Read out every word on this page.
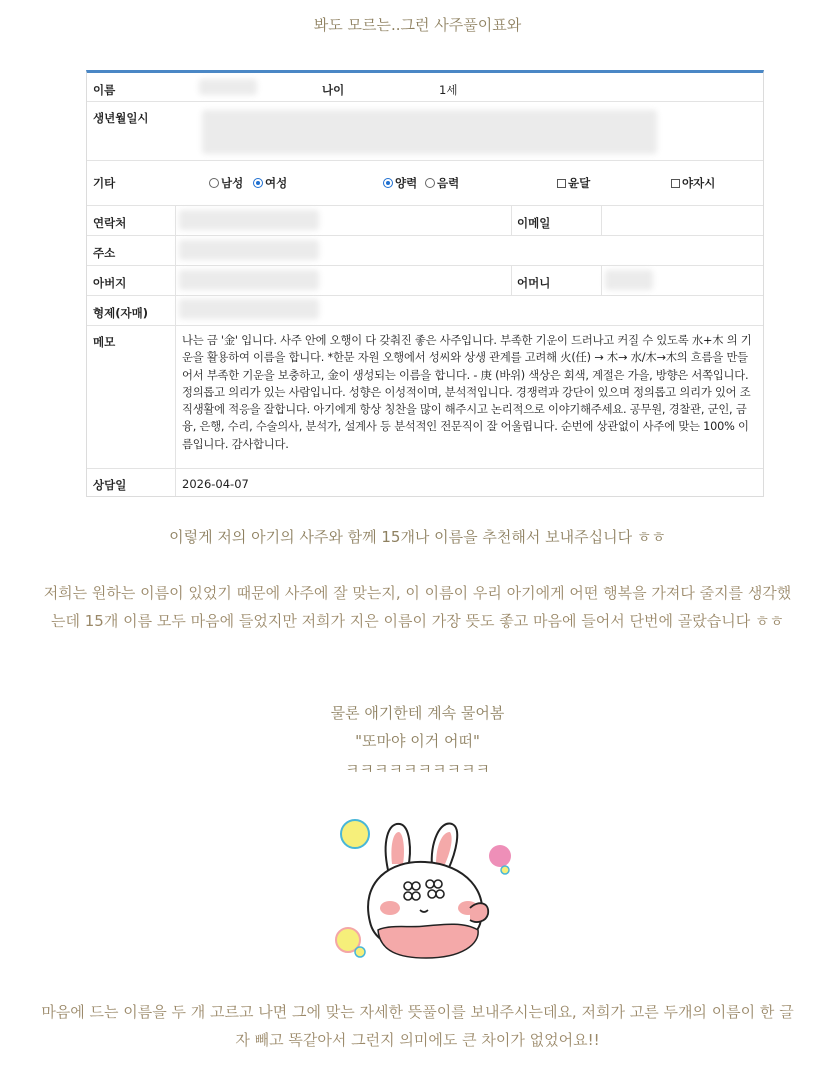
봐도 모르는..그런 사주풀이표와
이름	나이	1세
생년월일시
기타	남성	여성	양력	음력	윤달	야자시
연락처	이메일
주소
아버지	어머니
형제(자매)
메모	나는 금 '金' 입니다. 사주 안에 오행이 다 갖춰진 좋은 사주입니다. 부족한 기운이 드러나고 커질 수 있도록 水+木 의 기운을 활용하여 이름을 합니다. *한문 자원 오행에서 성씨와 상생 관계를 고려해 火(任) → 木→ 水/木→木의 흐름을 만들어서 부족한 기운을 보충하고, 金이 생성되는 이름을 합니다. - 庚 (바위) 색상은 회색, 계절은 가을, 방향은 서쪽입니다. 정의롭고 의리가 있는 사람입니다. 성향은 이성적이며, 분석적입니다. 경쟁력과 강단이 있으며 정의롭고 의리가 있어 조직생활에 적응을 잘합니다. 아기에게 항상 칭찬을 많이 해주시고 논리적으로 이야기해주세요. 공무원, 경찰관, 군인, 금융, 은행, 수리, 수술의사, 분석가, 설계사 등 분석적인 전문직이 잘 어울립니다. 순번에 상관없이 사주에 맞는 100% 이름입니다. 감사합니다.
상담일	2026-04-07
이렇게 저의 아기의 사주와 함께 15개나 이름을 추천해서 보내주십니다 ㅎㅎ
저희는 원하는 이름이 있었기 때문에 사주에 잘 맞는지, 이 이름이 우리 아기에게 어떤 행복을 가져다 줄지를 생각했는데 15개 이름 모두 마음에 들었지만 저희가 지은 이름이 가장 뜻도 좋고 마음에 들어서 단번에 골랐습니다 ㅎㅎ
물론 애기한테 계속 물어봄
"또마야 이거 어떠"
ㅋㅋㅋㅋㅋㅋㅋㅋㅋㅋ
마음에 드는 이름을 두 개 고르고 나면 그에 맞는 자세한 뜻풀이를 보내주시는데요, 저희가 고른 두개의 이름이 한 글자 빼고 똑같아서 그런지 의미에도 큰 차이가 없었어요!!
